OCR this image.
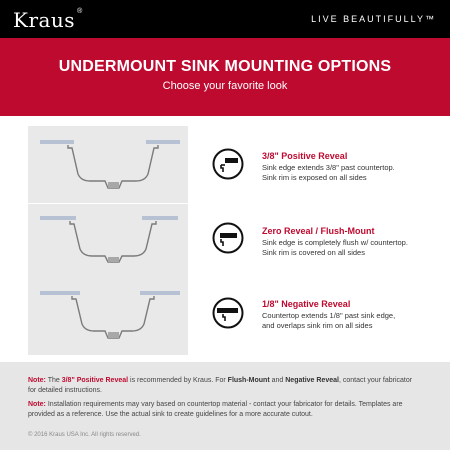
Kraus ®
LIVE BEAUTIFULLY™
UNDERMOUNT SINK MOUNTING OPTIONS
Choose your favorite look
3/8" Positive Reveal
Sink edge extends 3/8" past countertop.
Sink rim is exposed on all sides
Zero Reveal / Flush-Mount
Sink edge is completely flush w/ countertop.
Sink rim is covered on all sides
1/8" Negative Reveal
Countertop extends 1/8" past sink edge,
and overlaps sink rim on all sides
Note: The 3/8" Positive Reveal is recommended by Kraus. For Flush-Mount and Negative Reveal, contact your fabricator
for detailed instructions.
Note: Installation requirements may vary based on countertop material - contact your fabricator for details. Templates are
provided as a reference. Use the actual sink to create guidelines for a more accurate cutout.
© 2016 Kraus USA Inc. All rights reserved.
